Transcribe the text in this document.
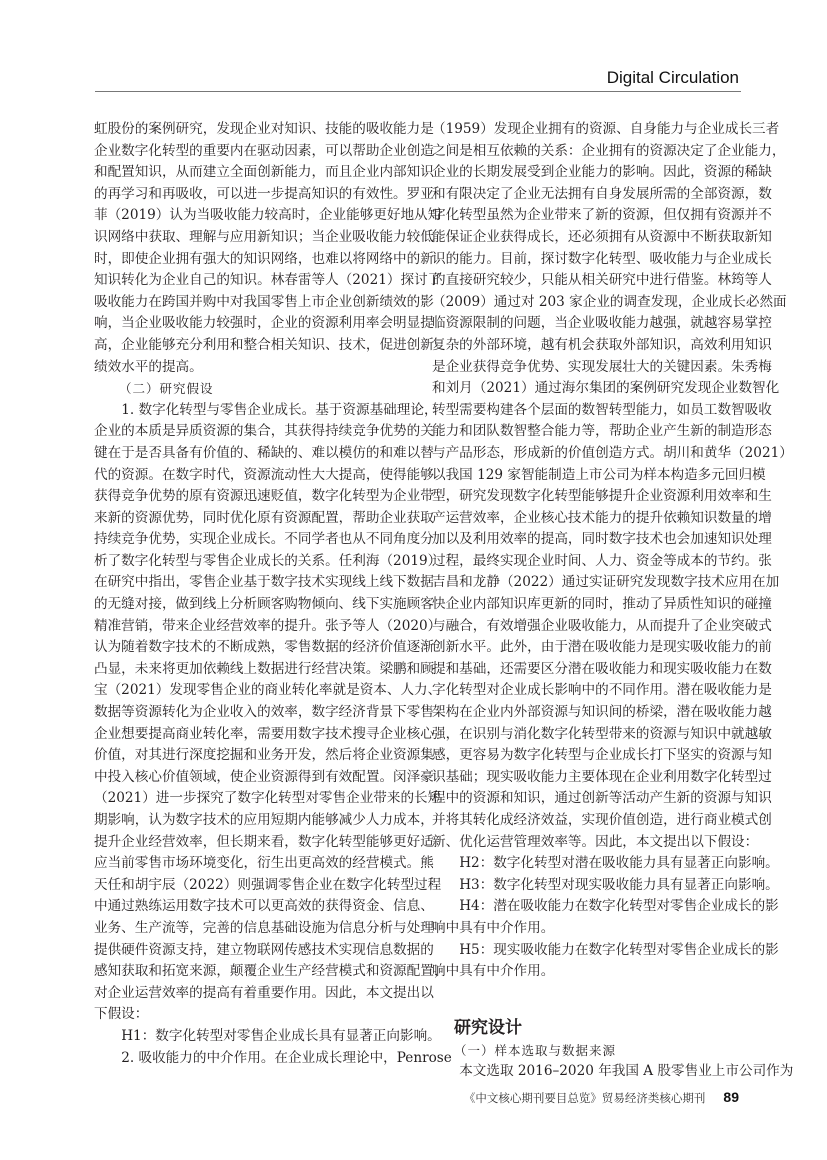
Digital Circulation
虹股份的案例研究，发现企业对知识、技能的吸收能力是
企业数字化转型的重要内在驱动因素，可以帮助企业创造
和配置知识，从而建立全面创新能力，而且企业内部知识
的再学习和再吸收，可以进一步提高知识的有效性。罗亚
菲（2019）认为当吸收能力较高时，企业能够更好地从知
识网络中获取、理解与应用新知识；当企业吸收能力较低
时，即使企业拥有强大的知识网络，也难以将网络中的新
知识转化为企业自己的知识。林春雷等人（2021）探讨了
吸收能力在跨国并购中对我国零售上市企业创新绩效的影
响，当企业吸收能力较强时，企业的资源利用率会明显提
高，企业能够充分利用和整合相关知识、技术，促进创新
绩效水平的提高。
（二）研究假设
1. 数字化转型与零售企业成长。基于资源基础理论，
企业的本质是异质资源的集合，其获得持续竞争优势的关
键在于是否具备有价值的、稀缺的、难以模仿的和难以替
代的资源。在数字时代，资源流动性大大提高，使得能够
获得竞争优势的原有资源迅速贬值，数字化转型为企业带
来新的资源优势，同时优化原有资源配置，帮助企业获取
持续竞争优势，实现企业成长。不同学者也从不同角度分
析了数字化转型与零售企业成长的关系。任利海（2019）
在研究中指出，零售企业基于数字技术实现线上线下数据
的无缝对接，做到线上分析顾客购物倾向、线下实施顾客
精准营销，带来企业经营效率的提升。张予等人（2020）
认为随着数字技术的不断成熟，零售数据的经济价值逐渐
凸显，未来将更加依赖线上数据进行经营决策。梁鹏和顾
宝（2021）发现零售企业的商业转化率就是资本、人力、
数据等资源转化为企业收入的效率，数字经济背景下零售
企业想要提高商业转化率，需要用数字技术搜寻企业核心
价值，对其进行深度挖掘和业务开发，然后将企业资源集
中投入核心价值领域，使企业资源得到有效配置。闵泽豪
（2021）进一步探究了数字化转型对零售企业带来的长短
期影响，认为数字技术的应用短期内能够减少人力成本，
提升企业经营效率，但长期来看，数字化转型能够更好适
应当前零售市场环境变化，衍生出更高效的经营模式。熊
天任和胡宇辰（2022）则强调零售企业在数字化转型过程
中通过熟练运用数字技术可以更高效的获得资金、信息、
业务、生产流等，完善的信息基础设施为信息分析与处理
提供硬件资源支持，建立物联网传感技术实现信息数据的
感知获取和拓宽来源，颠覆企业生产经营模式和资源配置，
对企业运营效率的提高有着重要作用。因此，本文提出以
下假设：
H1：数字化转型对零售企业成长具有显著正向影响。
2. 吸收能力的中介作用。在企业成长理论中，Penrose
（1959）发现企业拥有的资源、自身能力与企业成长三者
之间是相互依赖的关系：企业拥有的资源决定了企业能力，
企业的长期发展受到企业能力的影响。因此，资源的稀缺
和有限决定了企业无法拥有自身发展所需的全部资源，数
字化转型虽然为企业带来了新的资源，但仅拥有资源并不
能保证企业获得成长，还必须拥有从资源中不断获取新知
识的能力。目前，探讨数字化转型、吸收能力与企业成长
的直接研究较少，只能从相关研究中进行借鉴。林筠等人
（2009）通过对 203 家企业的调查发现，企业成长必然面
临资源限制的问题，当企业吸收能力越强，就越容易掌控
复杂的外部环境，越有机会获取外部知识，高效利用知识
是企业获得竞争优势、实现发展壮大的关键因素。朱秀梅
和刘月（2021）通过海尔集团的案例研究发现企业数智化
转型需要构建各个层面的数智转型能力，如员工数智吸收
能力和团队数智整合能力等，帮助企业产生新的制造形态
与产品形态，形成新的价值创造方式。胡川和黄华（2021）
以我国 129 家智能制造上市公司为样本构造多元回归模
型，研究发现数字化转型能够提升企业资源利用效率和生
产运营效率，企业核心技术能力的提升依赖知识数量的增
加以及利用效率的提高，同时数字技术也会加速知识处理
过程，最终实现企业时间、人力、资金等成本的节约。张
吉昌和龙静（2022）通过实证研究发现数字技术应用在加
快企业内部知识库更新的同时，推动了异质性知识的碰撞
与融合，有效增强企业吸收能力，从而提升了企业突破式
创新水平。此外，由于潜在吸收能力是现实吸收能力的前
提和基础，还需要区分潜在吸收能力和现实吸收能力在数
字化转型对企业成长影响中的不同作用。潜在吸收能力是
架构在企业内外部资源与知识间的桥梁，潜在吸收能力越
强，在识别与消化数字化转型带来的资源与知识中就越敏
感，更容易为数字化转型与企业成长打下坚实的资源与知
识基础；现实吸收能力主要体现在企业利用数字化转型过
程中的资源和知识，通过创新等活动产生新的资源与知识
并将其转化成经济效益，实现价值创造，进行商业模式创
新、优化运营管理效率等。因此，本文提出以下假设：
H2：数字化转型对潜在吸收能力具有显著正向影响。
H3：数字化转型对现实吸收能力具有显著正向影响。
H4：潜在吸收能力在数字化转型对零售企业成长的影
响中具有中介作用。
H5：现实吸收能力在数字化转型对零售企业成长的影
响中具有中介作用。
研究设计
（一）样本选取与数据来源
本文选取 2016–2020 年我国 A 股零售业上市公司作为
《中文核心期刊要目总览》贸易经济类核心期刊 89
